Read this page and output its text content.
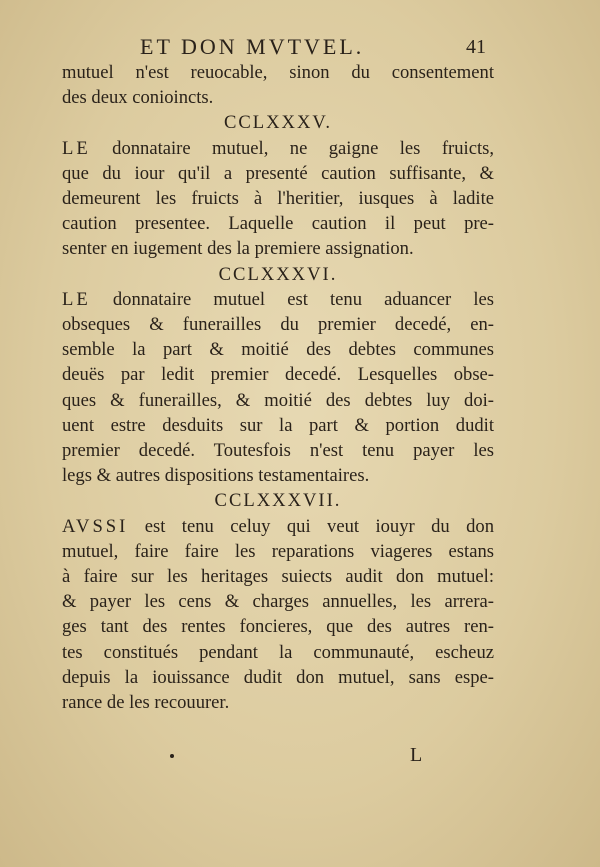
ET DON MVTVEL.	41
mutuel n'est reuocable, sinon du consentement
des deux conioincts.
CCLXXXV.
LE donnataire mutuel, ne gaigne les fruicts,
que du iour qu'il a presenté caution suffisante, &
demeurent les fruicts à l'heritier, iusques à ladite
caution presentee. Laquelle caution il peut pre-
senter en iugement des la premiere assignation.
CCLXXXVI.
LE donnataire mutuel est tenu aduancer les
obseques & funerailles du premier decedé, en-
semble la part & moitié des debtes communes
deuës par ledit premier decedé. Lesquelles obse-
ques & funerailles, & moitié des debtes luy doi-
uent estre desduits sur la part & portion dudit
premier decedé. Toutesfois n'est tenu payer les
legs & autres dispositions testamentaires.
CCLXXXVII.
AVSSI est tenu celuy qui veut iouyr du don
mutuel, faire faire les reparations viageres estans
à faire sur les heritages suiects audit don mutuel:
& payer les cens & charges annuelles, les arrera-
ges tant des rentes foncieres, que des autres ren-
tes constitués pendant la communauté, escheuz
depuis la iouissance dudit don mutuel, sans espe-
rance de les recouurer.
L
